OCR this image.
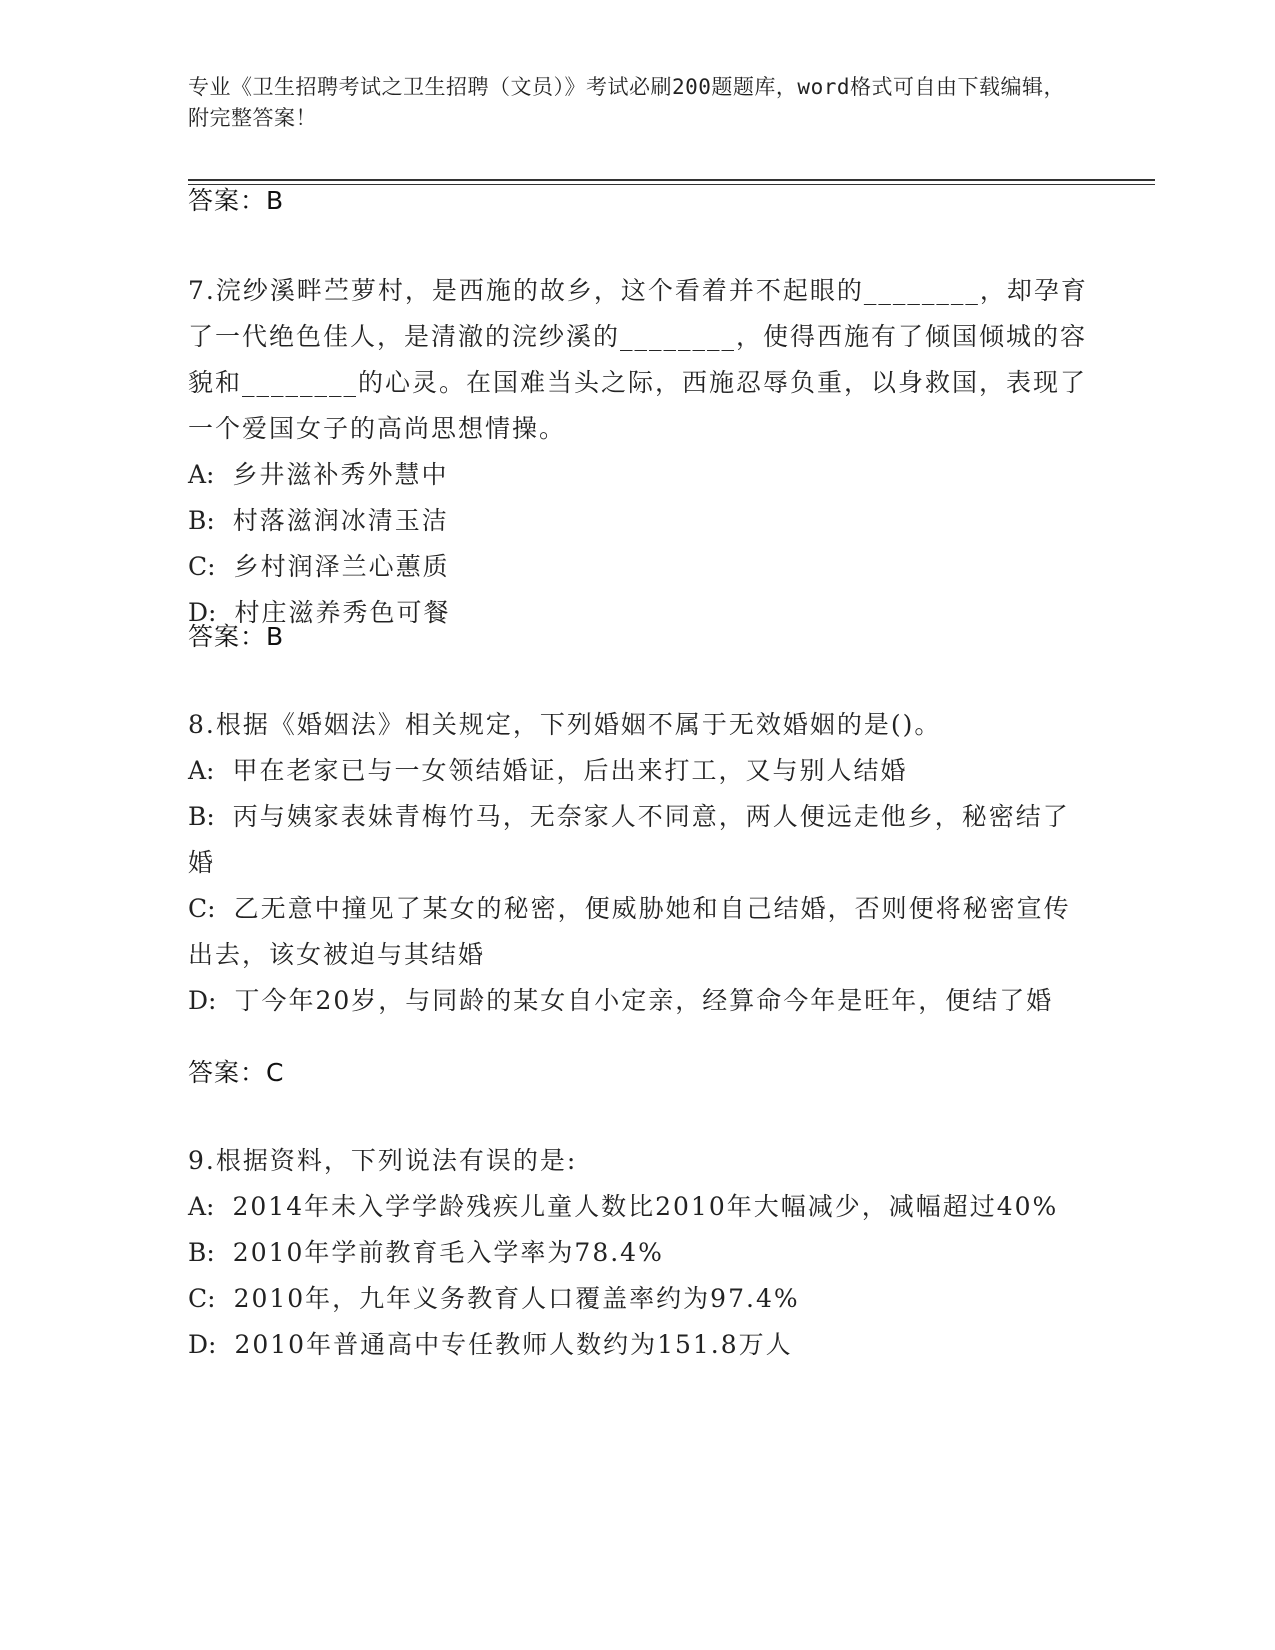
专业《卫生招聘考试之卫生招聘（文员）》考试必刷200题题库，word格式可自由下载编辑，附完整答案！
答案：B
7.浣纱溪畔苎萝村，是西施的故乡，这个看着并不起眼的________，却孕育了一代绝色佳人，是清澈的浣纱溪的________，使得西施有了倾国倾城的容貌和________的心灵。在国难当头之际，西施忍辱负重，以身救国，表现了一个爱国女子的高尚思想情操。
A: 乡井滋补秀外慧中
B: 村落滋润冰清玉洁
C: 乡村润泽兰心蕙质
D: 村庄滋养秀色可餐
答案：B
8.根据《婚姻法》相关规定，下列婚姻不属于无效婚姻的是()。
A: 甲在老家已与一女领结婚证，后出来打工，又与别人结婚
B: 丙与姨家表妹青梅竹马，无奈家人不同意，两人便远走他乡，秘密结了婚
C: 乙无意中撞见了某女的秘密，便威胁她和自己结婚，否则便将秘密宣传出去，该女被迫与其结婚
D: 丁今年20岁，与同龄的某女自小定亲，经算命今年是旺年，便结了婚
答案：C
9.根据资料，下列说法有误的是:
A: 2014年未入学学龄残疾儿童人数比2010年大幅减少，减幅超过40%
B: 2010年学前教育毛入学率为78.4%
C: 2010年，九年义务教育人口覆盖率约为97.4%
D: 2010年普通高中专任教师人数约为151.8万人
